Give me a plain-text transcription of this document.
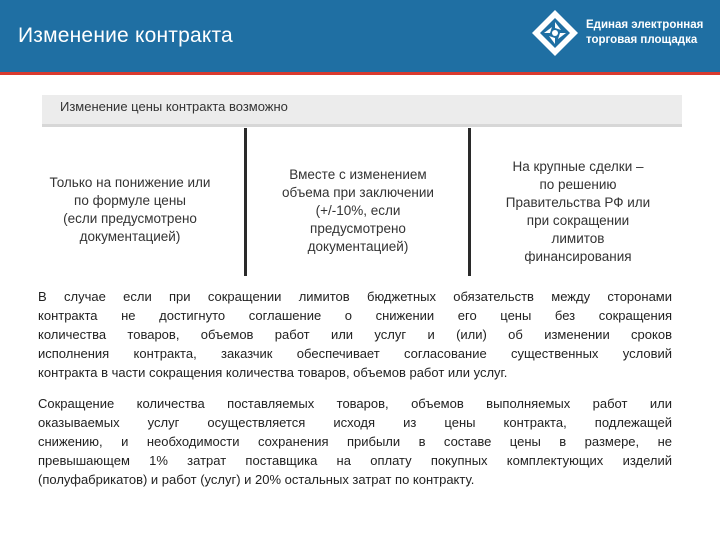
Изменение контракта	Единая электронная
торговая площадка
Изменение цены контракта возможно
Только на понижение или
по формуле цены
(если предусмотрено
документацией)
Вместе с изменением
объема при заключении
(+/-10%, если
предусмотрено
документацией)
На крупные сделки –
по решению
Правительства РФ или
при сокращении
лимитов
финансирования
В случае если при сокращении лимитов бюджетных обязательств между сторонами
контракта не достигнуто соглашение о снижении его цены без сокращения
количества товаров, объемов работ или услуг и (или) об изменении сроков
исполнения контракта, заказчик обеспечивает согласование существенных условий
контракта в части сокращения количества товаров, объемов работ или услуг.
Сокращение количества поставляемых товаров, объемов выполняемых работ или
оказываемых услуг осуществляется исходя из цены контракта, подлежащей
снижению, и необходимости сохранения прибыли в составе цены в размере, не
превышающем 1% затрат поставщика на оплату покупных комплектующих изделий
(полуфабрикатов) и работ (услуг) и 20% остальных затрат по контракту.
